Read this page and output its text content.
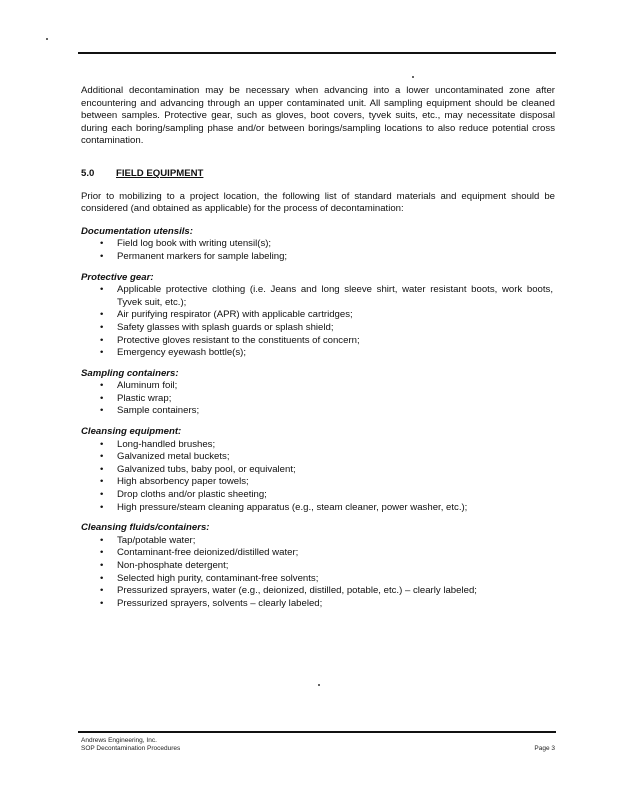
Additional decontamination may be necessary when advancing into a lower uncontaminated zone after encountering and advancing through an upper contaminated unit. All sampling equipment should be cleaned between samples. Protective gear, such as gloves, boot covers, tyvek suits, etc., may necessitate disposal during each boring/sampling phase and/or between borings/sampling locations to also reduce potential cross contamination.

5.0	FIELD EQUIPMENT

Prior to mobilizing to a project location, the following list of standard materials and equipment should be considered (and obtained as applicable) for the process of decontamination:

Documentation utensils:

• Field log book with writing utensil(s);
• Permanent markers for sample labeling;

Protective gear:

• Applicable protective clothing (i.e. Jeans and long sleeve shirt, water resistant boots, work boots, Tyvek suit, etc.);
• Air purifying respirator (APR) with applicable cartridges;
• Safety glasses with splash guards or splash shield;
• Protective gloves resistant to the constituents of concern;
• Emergency eyewash bottle(s);

Sampling containers:

• Aluminum foil;
• Plastic wrap;
• Sample containers;

Cleansing equipment:

• Long-handled brushes;
• Galvanized metal buckets;
• Galvanized tubs, baby pool, or equivalent;
• High absorbency paper towels;
• Drop cloths and/or plastic sheeting;
• High pressure/steam cleaning apparatus (e.g., steam cleaner, power washer, etc.);

Cleansing fluids/containers:

• Tap/potable water;
• Contaminant-free deionized/distilled water;
• Non-phosphate detergent;
• Selected high purity, contaminant-free solvents;
• Pressurized sprayers, water (e.g., deionized, distilled, potable, etc.) – clearly labeled;
• Pressurized sprayers, solvents – clearly labeled;
Andrews Engineering, Inc.
SOP Decontamination Procedures	Page 3
